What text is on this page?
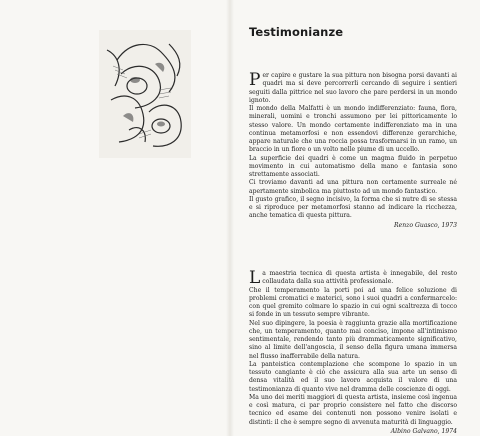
Testimonianze

Per capire e gustare la sua pittura non bisogna porsi davanti ai quadri ma si deve percorrerli cercando di seguire i sentieri seguiti dalla pittrice nel suo lavoro che pare perdersi in un mondo ignoto.

Il mondo della Malfatti è un mondo indifferenziato: fauna, flora, minerali, uomini e tronchi assumono per lei pittoricamente lo stesso valore. Un mondo certamente indifferenziato ma in una continua metamorfosi e non essendovi differenze gerarchiche, appare naturale che una roccia possa trasformarsi in un ramo, un braccio in un fiore o un volto nelle piume di un uccello.

La superficie dei quadri è come un magma fluido in perpetuo movimento in cui automatismo della mano e fantasia sono strettamente associati.

Ci troviamo davanti ad una pittura non certamente surreale né apertamente simbolica ma piuttosto ad un mondo fantastico.

Il gusto grafico, il segno incisivo, la forma che si nutre di se stessa e si riproduce per metamorfosi stanno ad indicare la ricchezza, anche tematica di questa pittura.

Renzo Guasco, 1973

La maestria tecnica di questa artista è innegabile, del resto collaudata dalla sua attività professionale.

Che il temperamento la porti poi ad una felice soluzione di problemi cromatici e materici, sono i suoi quadri a confermarcelo: con quel gremito colmare lo spazio in cui ogni scaltrezza di tocco si fonde in un tessuto sempre vibrante.

Nel suo dipingere, la poesia è raggiunta grazie alla mortificazione che, un temperamento, quanto mai conciso, impone all'intimismo sentimentale, rendendo tanto più drammaticamente significativo, sino al limite dell'angoscia, il senso della figura umana immersa nel flusso inafferrabile della natura.

La panteistica contemplazione che scompone lo spazio in un tessuto cangiante è ciò che assicura alla sua arte un senso di densa vitalità ed il suo lavoro acquista il valore di una testimonianza di quanto vive nel dramma delle coscienze di oggi.

Ma uno dei meriti maggiori di questa artista, insieme così ingenua e così matura, ci par proprio consistere nel fatto che discorso tecnico ed esame dei contenuti non possono venire isolati e distinti: il che è sempre segno di avvenuta maturità di linguaggio.

Albino Galvano, 1974
